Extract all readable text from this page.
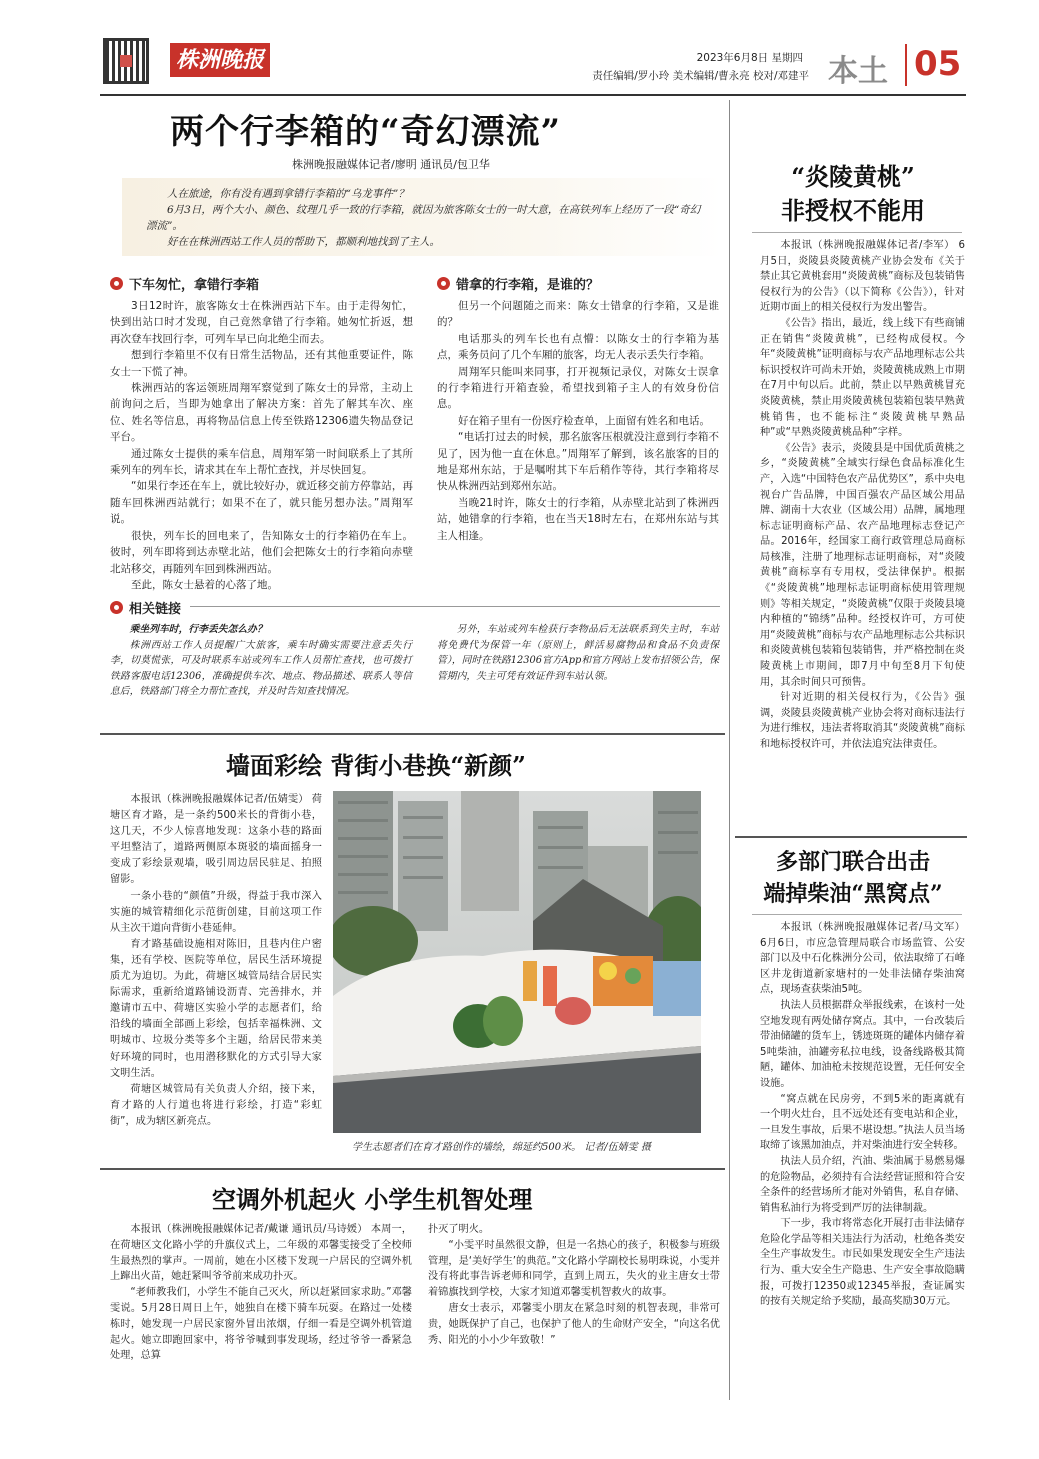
株洲晚报	2023年6月8日 星期四
责任编辑/罗小玲 美术编辑/曹永亮 校对/邓建平 本土 05
两个行李箱的“奇幻漂流”
株洲晚报融媒体记者/廖明 通讯员/包卫华
人在旅途，你有没有遇到拿错行李箱的“乌龙事件”？
6月3日，两个大小、颜色、纹理几乎一致的行李箱，就因为旅客陈女士的一时大意，在高铁列车上经历了一段“奇幻漂流”。
好在在株洲西站工作人员的帮助下，都顺利地找到了主人。
下车匆忙，拿错行李箱

3日12时许，旅客陈女士在株洲西站下车。由于走得匆忙，快到出站口时才发现，自己竟然拿错了行李箱。她匆忙折返，想再次登车找回行李，可列车早已向北绝尘而去。

想到行李箱里不仅有日常生活物品，还有其他重要证件，陈女士一下慌了神。

株洲西站的客运领班周翔军察觉到了陈女士的异常，主动上前询问之后，当即为她拿出了解决方案：首先了解其车次、座位、姓名等信息，再将物品信息上传至铁路12306遗失物品登记平台。

通过陈女士提供的乘车信息，周翔军第一时间联系上了其所乘列车的列车长，请求其在车上帮忙查找，并尽快回复。

“如果行李还在车上，就比较好办，就近移交前方停靠站，再随车回株洲西站就行；如果不在了，就只能另想办法。”周翔军说。

很快，列车长的回电来了，告知陈女士的行李箱仍在车上。彼时，列车即将到达赤壁北站，他们会把陈女士的行李箱向赤壁北站移交，再随列车回到株洲西站。

至此，陈女士悬着的心落了地。

错拿的行李箱，是谁的？

但另一个问题随之而来：陈女士错拿的行李箱，又是谁的？

电话那头的列车长也有点懵：以陈女士的行李箱为基点，乘务员问了几个车厢的旅客，均无人表示丢失行李箱。

周翔军只能叫来同事，打开视频记录仪，对陈女士误拿的行李箱进行开箱查验，希望找到箱子主人的有效身份信息。

好在箱子里有一份医疗检查单，上面留有姓名和电话。

“电话打过去的时候，那名旅客压根就没注意到行李箱不见了，因为他一直在休息。”周翔军了解到，该名旅客的目的地是郑州东站，于是嘱咐其下车后稍作等待，其行李箱将尽快从株洲西站到郑州东站。

当晚21时许，陈女士的行李箱，从赤壁北站到了株洲西站，她错拿的行李箱，也在当天18时左右，在郑州东站与其主人相逢。

相关链接
乘坐列车时，行李丢失怎么办？
株洲西站工作人员提醒广大旅客，乘车时确实需要注意丢失行李，切莫慌张，可及时联系车站或列车工作人员帮忙查找，也可拨打铁路客服电话12306，准确提供车次、地点、物品描述、联系人等信息后，铁路部门将全力帮忙查找，并及时告知查找情况。
另外，车站或列车检获行李物品后无法联系到失主时，车站将免费代为保管一年（原则上，鲜活易腐物品和食品不负责保管），同时在铁路12306官方App和官方网站上发布招领公告，保管期内，失主可凭有效证件到车站认领。
墙面彩绘 背街小巷换“新颜”

本报讯（株洲晚报融媒体记者/伍婧雯） 荷塘区育才路，是一条约500米长的背街小巷，这几天，不少人惊喜地发现：这条小巷的路面平坦整洁了，道路两侧原本斑驳的墙面摇身一变成了彩绘景观墙，吸引周边居民驻足、拍照留影。

一条小巷的“颜值”升级，得益于我市深入实施的城管精细化示范街创建，目前这项工作从主次干道向背街小巷延伸。

育才路基础设施相对陈旧，且巷内住户密集，还有学校、医院等单位，居民生活环境提质尤为迫切。为此，荷塘区城管局结合居民实际需求，重新给道路铺设沥青、完善排水，并邀请市五中、荷塘区实验小学的志愿者们，给沿线的墙面全部画上彩绘，包括幸福株洲、文明城市、垃圾分类等多个主题，给居民带来美好环境的同时，也用潜移默化的方式引导大家文明生活。

荷塘区城管局有关负责人介绍，接下来，育才路的人行道也将进行彩绘，打造“彩虹街”，成为辖区新亮点。

学生志愿者们在育才路创作的墙绘，绵延约500米。 记者/伍婧雯 摄
空调外机起火 小学生机智处理

本报讯（株洲晚报融媒体记者/戴谦 通讯员/马诗媛） 本周一，在荷塘区文化路小学的升旗仪式上，二年级的邓馨雯接受了全校师生最热烈的掌声。一周前，她在小区楼下发现一户居民的空调外机上蹿出火苗，她赶紧叫爷爷前来成功扑灭。

“老师教我们，小学生不能自己灭火，所以赶紧回家求助。”邓馨雯说。5月28日周日上午，她独自在楼下骑车玩耍。在路过一处楼栋时，她发现一户居民家窗外冒出浓烟，仔细一看是空调外机管道起火。她立即跑回家中，将爷爷喊到事发现场，经过爷爷一番紧急处理，总算

扑灭了明火。

“小雯平时虽然很文静，但是一名热心的孩子，积极参与班级管理，是‘美好学生’的典范。”文化路小学副校长易明珠说，小雯并没有将此事告诉老师和同学，直到上周五，失火的业主唐女士带着锦旗找到学校，大家才知道邓馨雯机智救火的故事。

唐女士表示，邓馨雯小朋友在紧急时刻的机智表现，非常可贵，她既保护了自己，也保护了他人的生命财产安全，“向这名优秀、阳光的小小少年致敬！”

“炎陵黄桃”
非授权不能用

本报讯（株洲晚报融媒体记者/李军） 6月5日，炎陵县炎陵黄桃产业协会发布《关于禁止其它黄桃套用“炎陵黄桃”商标及包装销售侵权行为的公告》（以下简称《公告》），针对近期市面上的相关侵权行为发出警告。

《公告》指出，最近，线上线下有些商铺正在销售“炎陵黄桃”，已经构成侵权。今年“炎陵黄桃”证明商标与农产品地理标志公共标识授权许可尚未开始，炎陵黄桃成熟上市期在7月中旬以后。此前，禁止以早熟黄桃冒充炎陵黄桃，禁止用炎陵黄桃包装箱包装早熟黄桃销售，也不能标注“炎陵黄桃早熟品种”或“早熟炎陵黄桃品种”字样。

《公告》表示，炎陵县是中国优质黄桃之乡，“炎陵黄桃”全域实行绿色食品标准化生产，入选“中国特色农产品优势区”，系中央电视台广告品牌，中国百强农产品区域公用品牌、湖南十大农业（区域公用）品牌，属地理标志证明商标产品、农产品地理标志登记产品。2016年，经国家工商行政管理总局商标局核准，注册了地理标志证明商标，对“炎陵黄桃”商标享有专用权，受法律保护。根据《“炎陵黄桃”地理标志证明商标使用管理规则》等相关规定，“炎陵黄桃”仅限于炎陵县境内种植的“锦绣”品种。经授权许可，方可使用“炎陵黄桃”商标与农产品地理标志公共标识和炎陵黄桃包装箱包装销售，并严格控制在炎陵黄桃上市期间，即7月中旬至8月下旬使用，其余时间只可预售。

针对近期的相关侵权行为，《公告》强调，炎陵县炎陵黄桃产业协会将对商标违法行为进行维权，违法者将取消其“炎陵黄桃”商标和地标授权许可，并依法追究法律责任。

多部门联合出击
端掉柴油“黑窝点”

本报讯（株洲晚报融媒体记者/马文军） 6月6日，市应急管理局联合市场监管、公安部门以及中石化株洲分公司，依法取缔了石峰区井龙街道新家塘村的一处非法储存柴油窝点，现场查获柴油5吨。

执法人员根据群众举报线索，在该村一处空地发现有两处储存窝点。其中，一台改装后带油储罐的货车上，锈迹斑斑的罐体内储存着5吨柴油，油罐旁私拉电线，设备线路极其简陋，罐体、加油枪未按规范设置，无任何安全设施。

“窝点就在民房旁，不到5米的距离就有一个明火灶台，且不远处还有变电站和企业，一旦发生事故，后果不堪设想。”执法人员当场取缔了该黑加油点，并对柴油进行安全转移。

执法人员介绍，汽油、柴油属于易燃易爆的危险物品，必须持有合法经营证照和符合安全条件的经营场所才能对外销售，私自存储、销售私油行为将受到严厉的法律制裁。

下一步，我市将常态化开展打击非法储存危险化学品等相关违法行为活动，杜绝各类安全生产事故发生。市民如果发现安全生产违法行为、重大安全生产隐患、生产安全事故隐瞒报，可拨打12350或12345举报，查证属实的按有关规定给予奖励，最高奖励30万元。
